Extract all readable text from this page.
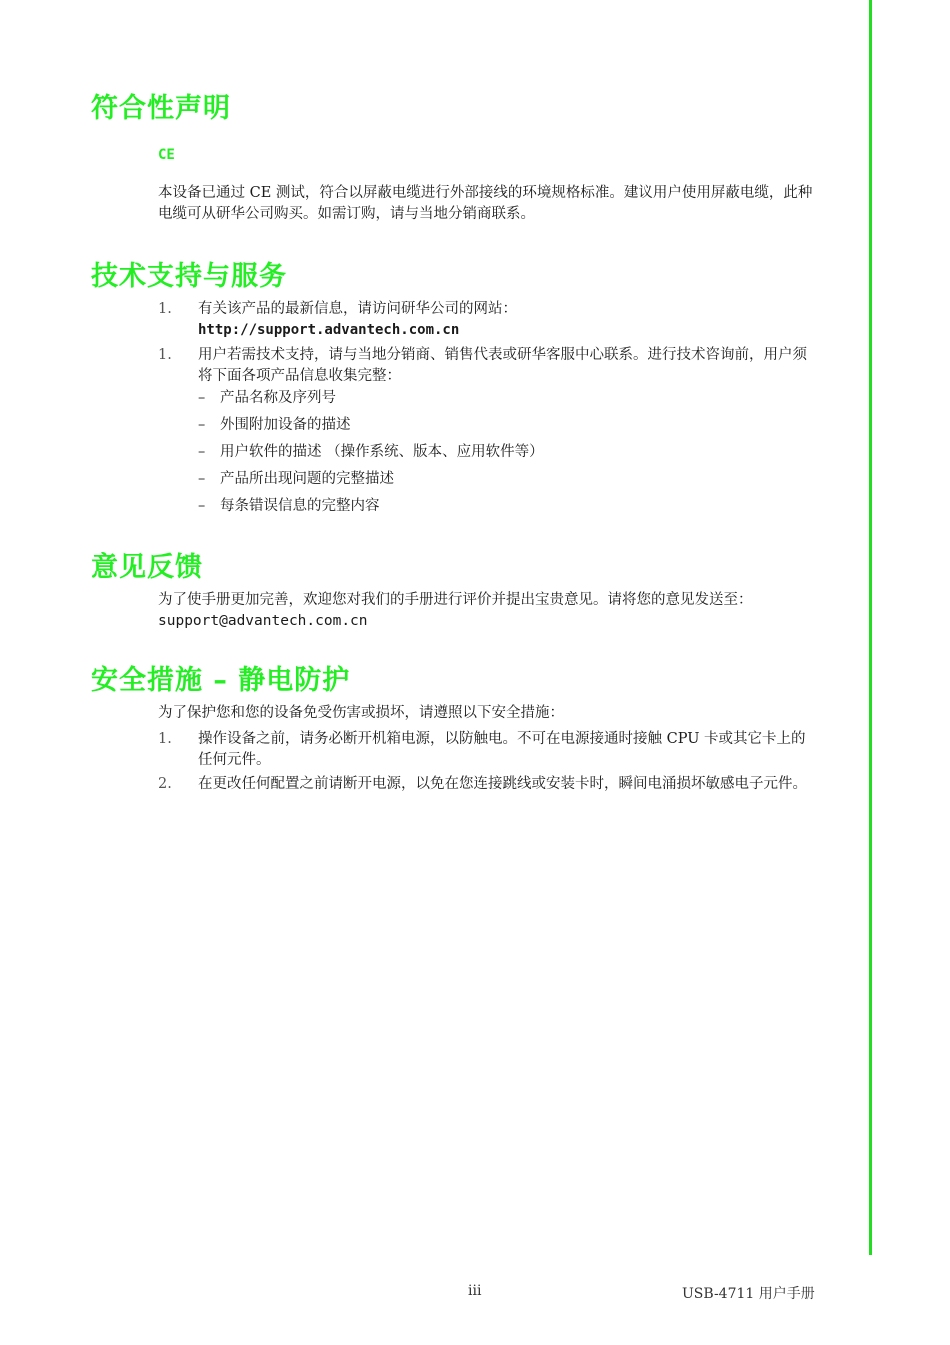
符合性声明
CE

本设备已通过 CE 测试，符合以屏蔽电缆进行外部接线的环境规格标准。建议用户使用屏蔽电缆，此种电缆可从研华公司购买。如需订购，请与当地分销商联系。

技术支持与服务
1.	有关该产品的最新信息，请访问研华公司的网站：
http://support.advantech.com.cn
1.	用户若需技术支持，请与当地分销商、销售代表或研华客服中心联系。进行技术咨询前，用户须将下面各项产品信息收集完整：
– 产品名称及序列号
– 外围附加设备的描述
– 用户软件的描述 （操作系统、版本、应用软件等）
– 产品所出现问题的完整描述
– 每条错误信息的完整内容
意见反馈

为了使手册更加完善，欢迎您对我们的手册进行评价并提出宝贵意见。请将您的意见发送至：support@advantech.com.cn

安全措施 – 静电防护

为了保护您和您的设备免受伤害或损坏，请遵照以下安全措施：

1.	操作设备之前，请务必断开机箱电源，以防触电。不可在电源接通时接触 CPU 卡或其它卡上的任何元件。
2.	在更改任何配置之前请断开电源，以免在您连接跳线或安装卡时，瞬间电涌损坏敏感电子元件。
iii	USB-4711 用户手册
